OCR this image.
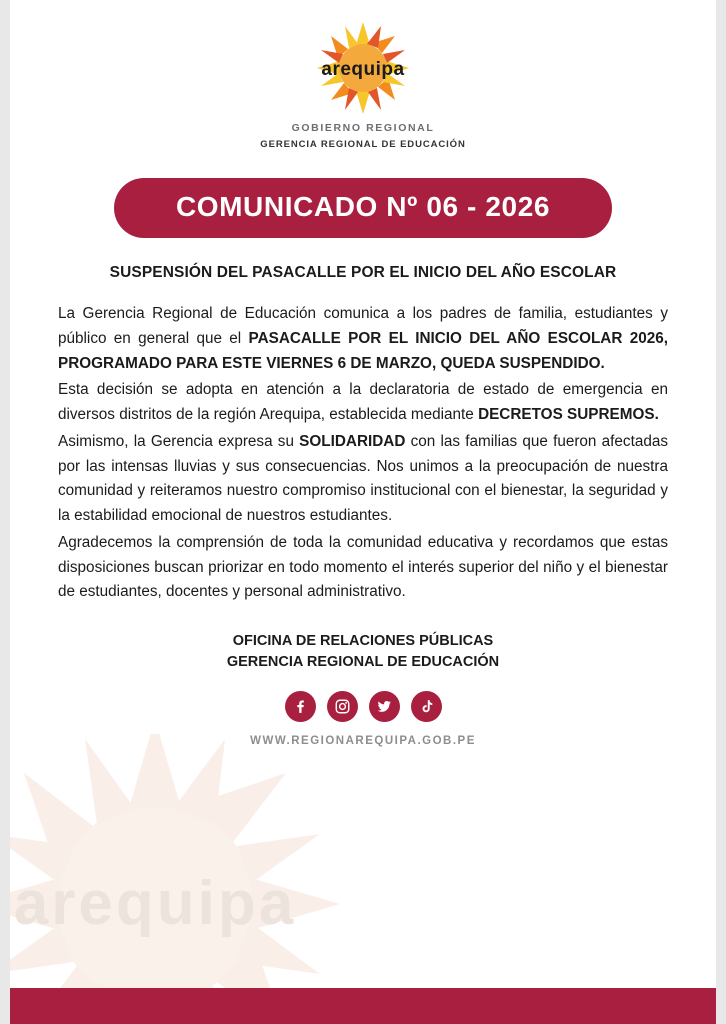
arequipa
arequipa
GOBIERNO REGIONAL
GERENCIA REGIONAL DE EDUCACIÓN
COMUNICADO Nº 06 - 2026
SUSPENSIÓN DEL PASACALLE POR EL INICIO DEL AÑO ESCOLAR

La Gerencia Regional de Educación comunica a los padres de familia, estudiantes y público en general que el PASACALLE POR EL INICIO DEL AÑO ESCOLAR 2026, PROGRAMADO PARA ESTE VIERNES 6 DE MARZO, QUEDA SUSPENDIDO.

Esta decisión se adopta en atención a la declaratoria de estado de emergencia en diversos distritos de la región Arequipa, establecida mediante DECRETOS SUPREMOS.

Asimismo, la Gerencia expresa su SOLIDARIDAD con las familias que fueron afectadas por las intensas lluvias y sus consecuencias. Nos unimos a la preocupación de nuestra comunidad y reiteramos nuestro compromiso institucional con el bienestar, la seguridad y la estabilidad emocional de nuestros estudiantes.

Agradecemos la comprensión de toda la comunidad educativa y recordamos que estas disposiciones buscan priorizar en todo momento el interés superior del niño y el bienestar de estudiantes, docentes y personal administrativo.

OFICINA DE RELACIONES PÚBLICAS
GERENCIA REGIONAL DE EDUCACIÓN
WWW.REGIONAREQUIPA.GOB.PE
